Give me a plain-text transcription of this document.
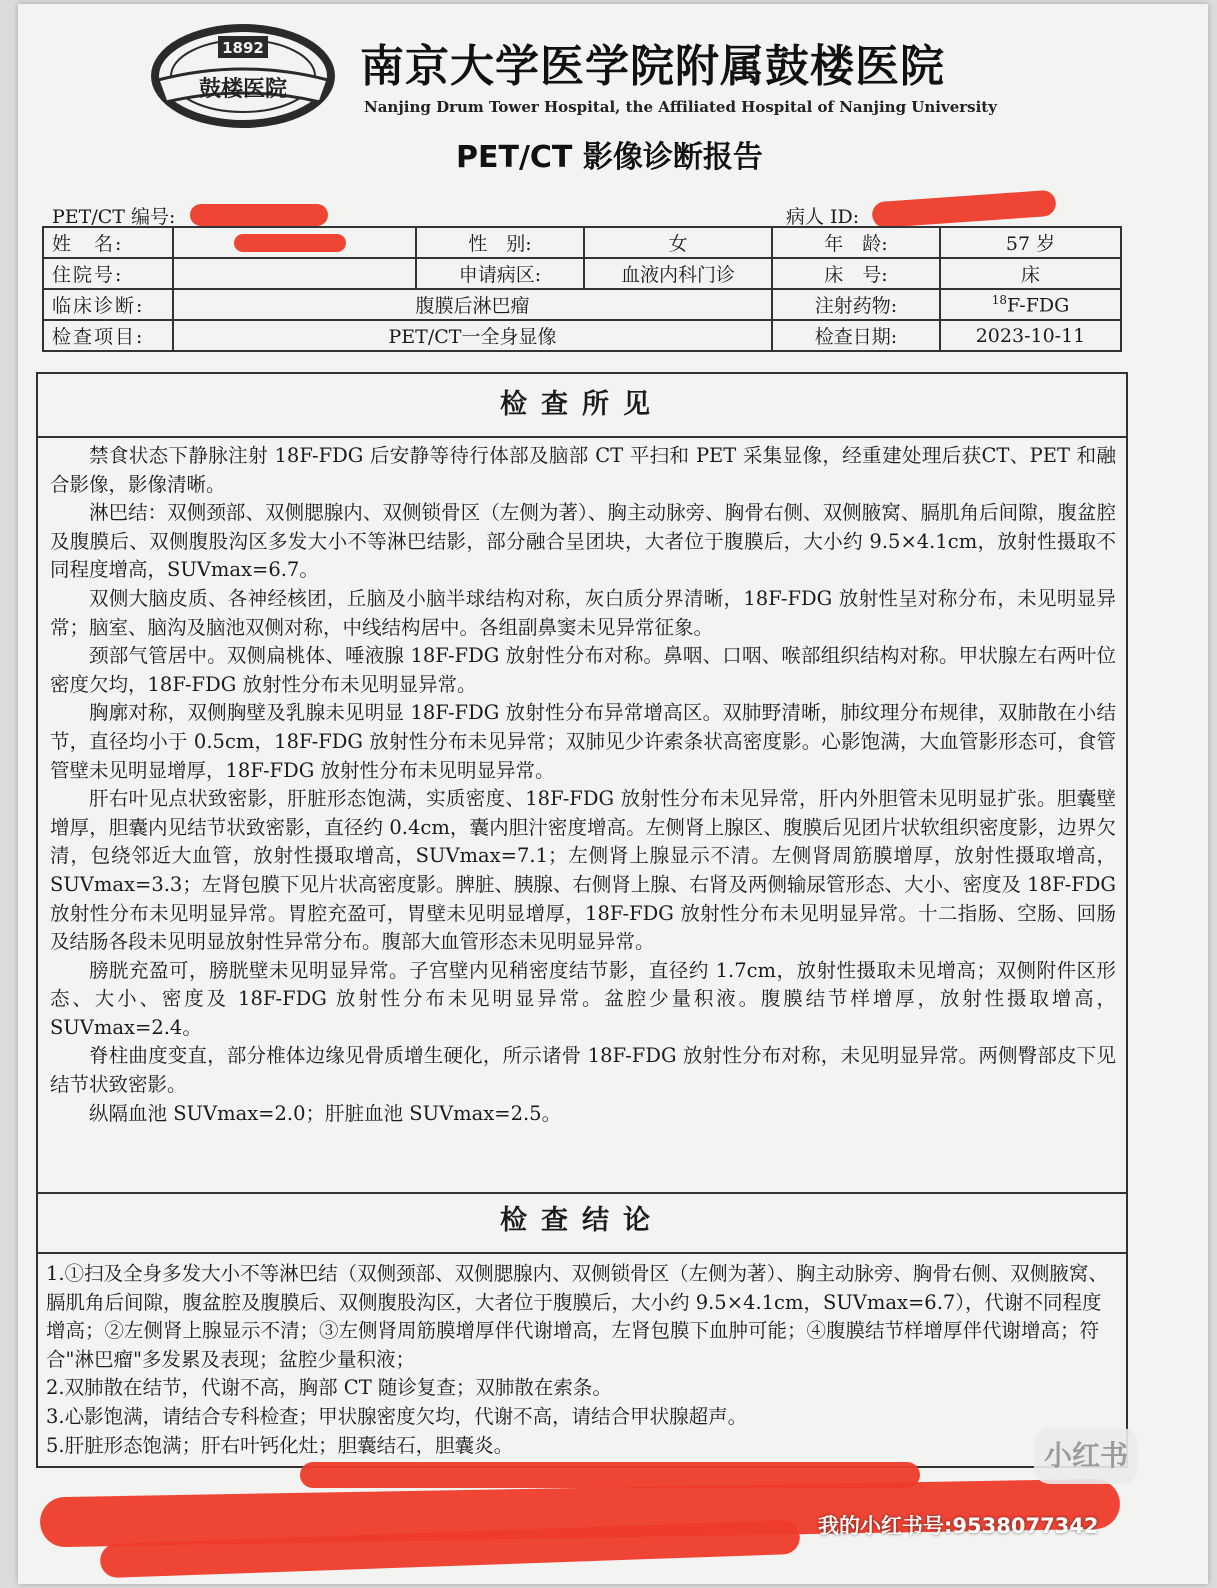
1892
鼓楼医院 南京大学医学院附属鼓楼医院
Nanjing Drum Tower Hospital, the Affiliated Hospital of Nanjing University
PET/CT 影像诊断报告
PET/CT 编号:	病人 ID:
姓　名:		性　别:	女	年　龄:	57 岁
住院号:		申请病区:	血液内科门诊	床　号:	床
临床诊断:	腹膜后淋巴瘤			注射药物:	$^{18}$F-FDG
检查项目:	PET/CT一全身显像			检查日期:	2023-10-11
检查所见

禁食状态下静脉注射 18F-FDG 后安静等待行体部及脑部 CT 平扫和 PET 采集显像，经重建处理后获CT、PET 和融合影像，影像清晰。

淋巴结：双侧颈部、双侧腮腺内、双侧锁骨区（左侧为著）、胸主动脉旁、胸骨右侧、双侧腋窝、膈肌角后间隙，腹盆腔及腹膜后、双侧腹股沟区多发大小不等淋巴结影，部分融合呈团块，大者位于腹膜后，大小约 9.5×4.1cm，放射性摄取不同程度增高，SUVmax=6.7。

双侧大脑皮质、各神经核团，丘脑及小脑半球结构对称，灰白质分界清晰，18F-FDG 放射性呈对称分布，未见明显异常；脑室、脑沟及脑池双侧对称，中线结构居中。各组副鼻窦未见异常征象。

颈部气管居中。双侧扁桃体、唾液腺 18F-FDG 放射性分布对称。鼻咽、口咽、喉部组织结构对称。甲状腺左右两叶位密度欠均，18F-FDG 放射性分布未见明显异常。

胸廓对称，双侧胸壁及乳腺未见明显 18F-FDG 放射性分布异常增高区。双肺野清晰，肺纹理分布规律，双肺散在小结节，直径均小于 0.5cm，18F-FDG 放射性分布未见异常；双肺见少许索条状高密度影。心影饱满，大血管影形态可，食管管壁未见明显增厚，18F-FDG 放射性分布未见明显异常。

肝右叶见点状致密影，肝脏形态饱满，实质密度、18F-FDG 放射性分布未见异常，肝内外胆管未见明显扩张。胆囊壁增厚，胆囊内见结节状致密影，直径约 0.4cm，囊内胆汁密度增高。左侧肾上腺区、腹膜后见团片状软组织密度影，边界欠清，包绕邻近大血管，放射性摄取增高，SUVmax=7.1；左侧肾上腺显示不清。左侧肾周筋膜增厚，放射性摄取增高，SUVmax=3.3；左肾包膜下见片状高密度影。脾脏、胰腺、右侧肾上腺、右肾及两侧输尿管形态、大小、密度及 18F-FDG 放射性分布未见明显异常。胃腔充盈可，胃壁未见明显增厚，18F-FDG 放射性分布未见明显异常。十二指肠、空肠、回肠及结肠各段未见明显放射性异常分布。腹部大血管形态未见明显异常。

膀胱充盈可，膀胱壁未见明显异常。子宫壁内见稍密度结节影，直径约 1.7cm，放射性摄取未见增高；双侧附件区形态、大小、密度及 18F-FDG 放射性分布未见明显异常。盆腔少量积液。腹膜结节样增厚，放射性摄取增高，SUVmax=2.4。

脊柱曲度变直，部分椎体边缘见骨质增生硬化，所示诸骨 18F-FDG 放射性分布对称，未见明显异常。两侧臀部皮下见结节状致密影。

纵隔血池 SUVmax=2.0；肝脏血池 SUVmax=2.5。

检查结论

1.①扫及全身多发大小不等淋巴结（双侧颈部、双侧腮腺内、双侧锁骨区（左侧为著）、胸主动脉旁、胸骨右侧、双侧腋窝、膈肌角后间隙，腹盆腔及腹膜后、双侧腹股沟区，大者位于腹膜后，大小约 9.5×4.1cm，SUVmax=6.7），代谢不同程度增高；②左侧肾上腺显示不清；③左侧肾周筋膜增厚伴代谢增高，左肾包膜下血肿可能；④腹膜结节样增厚伴代谢增高；符合"淋巴瘤"多发累及表现；盆腔少量积液；

2.双肺散在结节，代谢不高，胸部 CT 随诊复查；双肺散在索条。

3.心影饱满，请结合专科检查；甲状腺密度欠均，代谢不高，请结合甲状腺超声。

5.肝脏形态饱满；肝右叶钙化灶；胆囊结石，胆囊炎。	小红书
我的小红书号:9538077342
